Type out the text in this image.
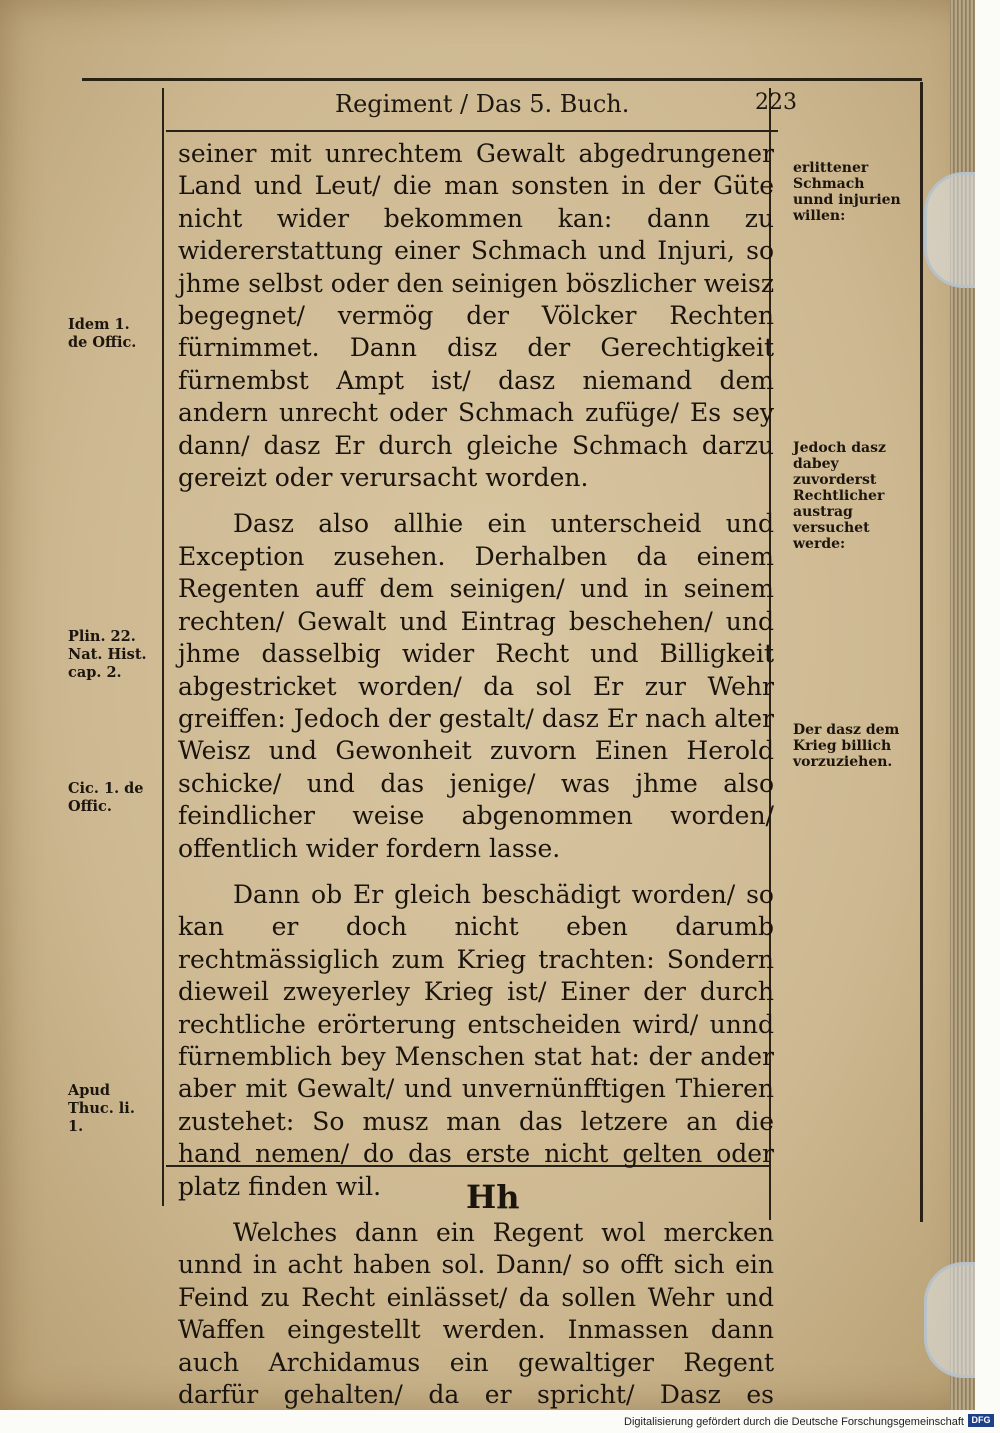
Regiment / Das 5. Buch.	223

seiner mit unrechtem Gewalt abgedrungener Land und Leut/ die man sonsten in der Güte nicht wider bekommen kan: dann zu widererstattung einer Schmach und Injuri, so jhme selbst oder den seinigen böszlicher weisz begegnet/ vermög der Völcker Rechten fürnimmet. Dann disz der Gerechtigkeit fürnembst Ampt ist/ dasz niemand dem andern unrecht oder Schmach zufüge/ Es sey dann/ dasz Er durch gleiche Schmach darzu gereizt oder verursacht worden.

Dasz also allhie ein unterscheid und Exception zusehen. Derhalben da einem Regenten auff dem seinigen/ und in seinem rechten/ Gewalt und Eintrag beschehen/ und jhme dasselbig wider Recht und Billigkeit abgestricket worden/ da sol Er zur Wehr greiffen: Jedoch der gestalt/ dasz Er nach alter Weisz und Gewonheit zuvorn Einen Herold schicke/ und das jenige/ was jhme also feindlicher weise abgenommen worden/ offentlich wider fordern lasse.

Dann ob Er gleich beschädigt worden/ so kan er doch nicht eben darumb rechtmässiglich zum Krieg trachten: Sondern dieweil zweyerley Krieg ist/ Einer der durch rechtliche erörterung entscheiden wird/ unnd fürnemblich bey Menschen stat hat: der ander aber mit Gewalt/ und unvernünfftigen Thieren zustehet: So musz man das letzere an die hand nemen/ do das erste nicht gelten oder platz finden wil.

Welches dann ein Regent wol mercken unnd in acht haben sol. Dann/ so offt sich ein Feind zu Recht einlässet/ da sollen Wehr und Waffen eingestellt werden. Inmassen dann auch Archidamus ein gewaltiger Regent darfür gehalten/ da er spricht/ Dasz es

Idem 1. de Offic.
Plin. 22. Nat. Hist. cap. 2.
Cic. 1. de Offic.
Apud Thuc. li. 1.
erlittener Schmach unnd injurien willen:
Jedoch dasz dabey zuvorderst Rechtlicher austrag versuchet werde:
Der dasz dem Krieg billich vorzuziehen.
Hh
Digitalisierung gefördert durch die Deutsche Forschungsgemeinschaft DFG
